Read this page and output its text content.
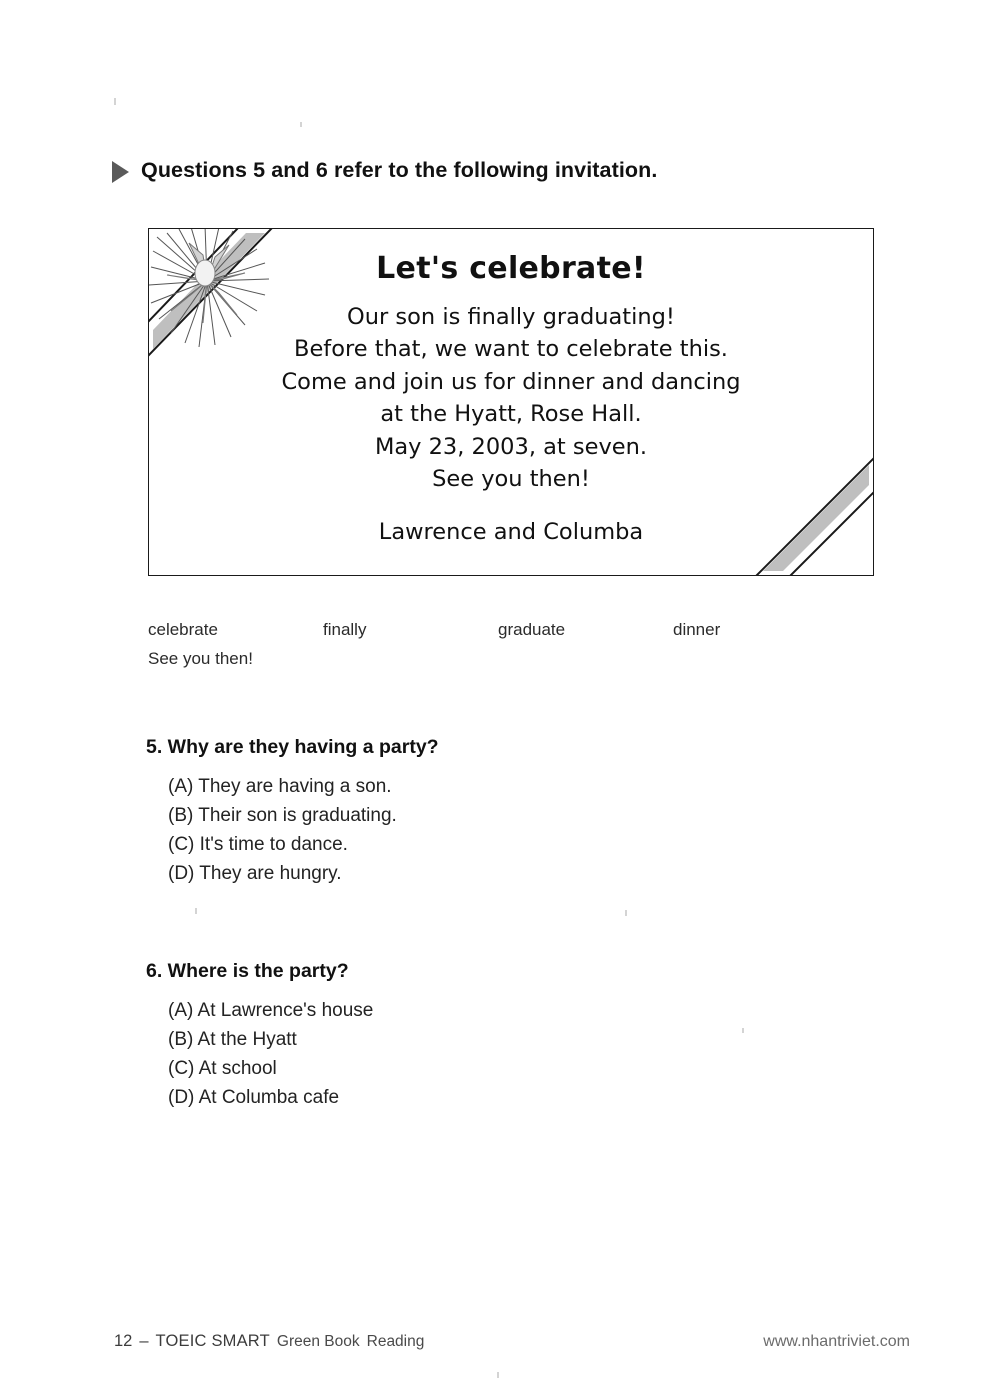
Questions 5 and 6 refer to the following invitation.
Let's celebrate!
Our son is finally graduating!
Before that, we want to celebrate this.
Come and join us for dinner and dancing
at the Hyatt, Rose Hall.
May 23, 2003, at seven.
See you then!
Lawrence and Columba
celebrate	finally	graduate	dinner
See you then!
5. Why are they having a party?
(A) They are having a son.
(B) Their son is graduating.
(C) It's time to dance.
(D) They are hungry.
6. Where is the party?
(A) At Lawrence's house
(B) At the Hyatt
(C) At school
(D) At Columba cafe
12 – TOEIC SMART Green Book Reading	www.nhantriviet.com
